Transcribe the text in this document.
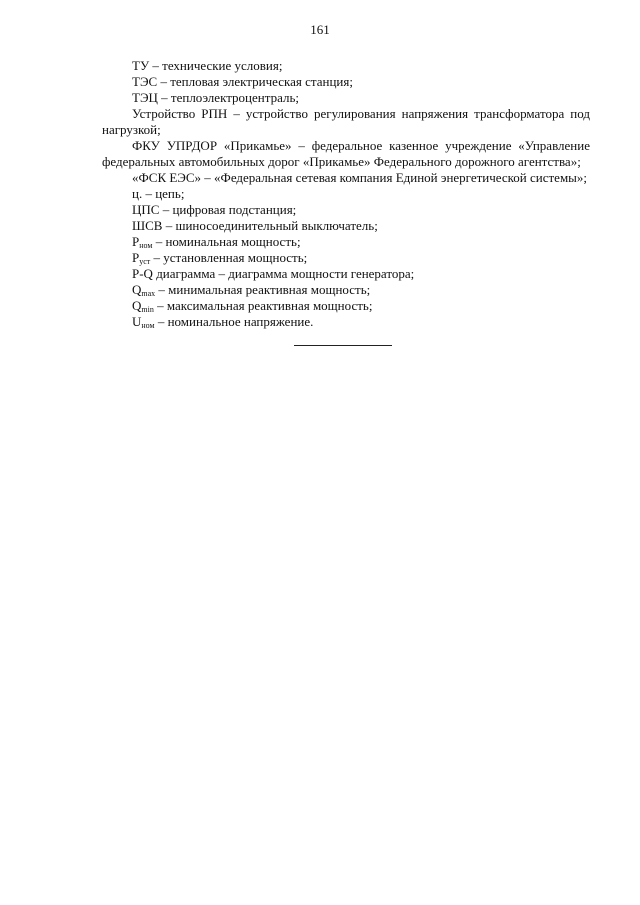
161

ТУ – технические условия;

ТЭС – тепловая электрическая станция;

ТЭЦ – теплоэлектроцентраль;

Устройство РПН – устройство регулирования напряжения трансформатора под нагрузкой;

ФКУ УПРДОР «Прикамье» – федеральное казенное учреждение «Управление федеральных автомобильных дорог «Прикамье» Федерального дорожного агентства»;

«ФСК ЕЭС» – «Федеральная сетевая компания Единой энергетической системы»;

ц. – цепь;

ЦПС – цифровая подстанция;

ШСВ – шиносоединительный выключатель;

$P_{ном}$ – номинальная мощность;

$P_{уст}$ – установленная мощность;

P-Q диаграмма – диаграмма мощности генератора;

$Q_{max}$ – минимальная реактивная мощность;

$Q_{min}$ – максимальная реактивная мощность;

$U_{ном}$ – номинальное напряжение.
